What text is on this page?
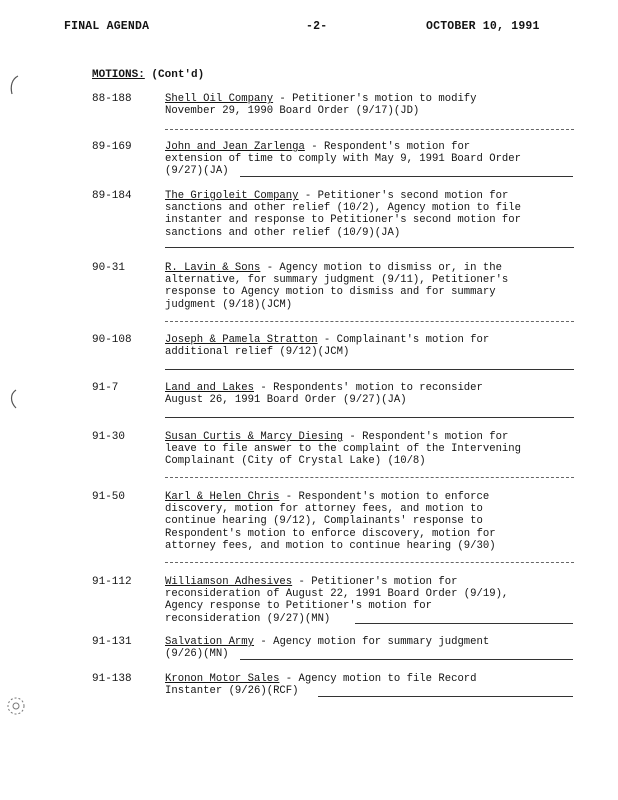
FINAL AGENDA	-2-	OCTOBER 10, 1991
MOTIONS: (Cont'd)
88-188	Shell Oil Company - Petitioner's motion to modify
November 29, 1990 Board Order (9/17)(JD)
89-169	John and Jean Zarlenga - Respondent's motion for
extension of time to comply with May 9, 1991 Board Order
(9/27)(JA)
89-184	The Grigoleit Company - Petitioner's second motion for
sanctions and other relief (10/2), Agency motion to file
instanter and response to Petitioner's second motion for
sanctions and other relief (10/9)(JA)
90-31	R. Lavin & Sons - Agency motion to dismiss or, in the
alternative, for summary judgment (9/11), Petitioner's
response to Agency motion to dismiss and for summary
judgment (9/18)(JCM)
90-108	Joseph & Pamela Stratton - Complainant's motion for
additional relief (9/12)(JCM)
91-7	Land and Lakes - Respondents' motion to reconsider
August 26, 1991 Board Order (9/27)(JA)
91-30	Susan Curtis & Marcy Diesing - Respondent's motion for
leave to file answer to the complaint of the Intervening
Complainant (City of Crystal Lake) (10/8)
91-50	Karl & Helen Chris - Respondent's motion to enforce
discovery, motion for attorney fees, and motion to
continue hearing (9/12), Complainants' response to
Respondent's motion to enforce discovery, motion for
attorney fees, and motion to continue hearing (9/30)
91-112	Williamson Adhesives - Petitioner's motion for
reconsideration of August 22, 1991 Board Order (9/19),
Agency response to Petitioner's motion for
reconsideration (9/27)(MN)
91-131	Salvation Army - Agency motion for summary judgment
(9/26)(MN)
91-138	Kronon Motor Sales - Agency motion to file Record
Instanter (9/26)(RCF)
